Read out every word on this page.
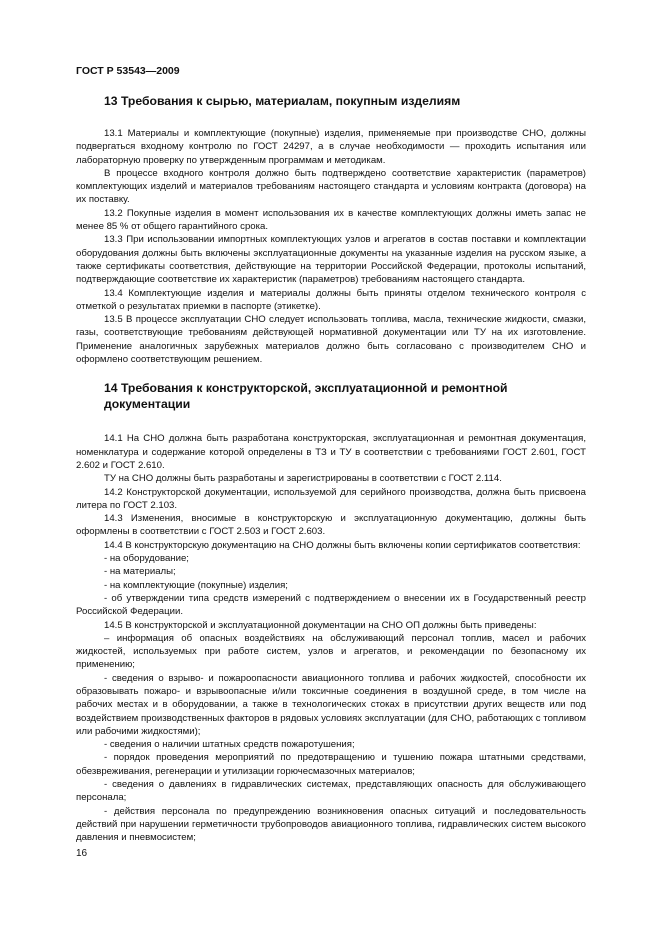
ГОСТ Р 53543—2009
13 Требования к сырью, материалам, покупным изделиям

13.1 Материалы и комплектующие (покупные) изделия, применяемые при производстве СНО, должны подвергаться входному контролю по ГОСТ 24297, а в случае необходимости — проходить испытания или лабораторную проверку по утвержденным программам и методикам.

В процессе входного контроля должно быть подтверждено соответствие характеристик (параметров) комплектующих изделий и материалов требованиям настоящего стандарта и условиям контракта (договора) на их поставку.

13.2 Покупные изделия в момент использования их в качестве комплектующих должны иметь запас не менее 85 % от общего гарантийного срока.

13.3 При использовании импортных комплектующих узлов и агрегатов в состав поставки и комплектации оборудования должны быть включены эксплуатационные документы на указанные изделия на русском языке, а также сертификаты соответствия, действующие на территории Российской Федерации, протоколы испытаний, подтверждающие соответствие их характеристик (параметров) требованиям настоящего стандарта.

13.4 Комплектующие изделия и материалы должны быть приняты отделом технического контроля с отметкой о результатах приемки в паспорте (этикетке).

13.5 В процессе эксплуатации СНО следует использовать топлива, масла, технические жидкости, смазки, газы, соответствующие требованиям действующей нормативной документации или ТУ на их изготовление. Применение аналогичных зарубежных материалов должно быть согласовано с производителем СНО и оформлено соответствующим решением.

14 Требования к конструкторской, эксплуатационной и ремонтной документации

14.1 На СНО должна быть разработана конструкторская, эксплуатационная и ремонтная документация, номенклатура и содержание которой определены в ТЗ и ТУ в соответствии с требованиями ГОСТ 2.601, ГОСТ 2.602 и ГОСТ 2.610.

ТУ на СНО должны быть разработаны и зарегистрированы в соответствии с ГОСТ 2.114.

14.2 Конструкторской документации, используемой для серийного производства, должна быть присвоена литера по ГОСТ 2.103.

14.3 Изменения, вносимые в конструкторскую и эксплуатационную документацию, должны быть оформлены в соответствии с ГОСТ 2.503 и ГОСТ 2.603.

14.4 В конструкторскую документацию на СНО должны быть включены копии сертификатов соответствия:

- на оборудование;

- на материалы;

- на комплектующие (покупные) изделия;

- об утверждении типа средств измерений с подтверждением о внесении их в Государственный реестр Российской Федерации.

14.5 В конструкторской и эксплуатационной документации на СНО ОП должны быть приведены:

– информация об опасных воздействиях на обслуживающий персонал топлив, масел и рабочих жидкостей, используемых при работе систем, узлов и агрегатов, и рекомендации по безопасному их применению;

- сведения о взрыво- и пожароопасности авиационного топлива и рабочих жидкостей, способности их образовывать пожаро- и взрывоопасные и/или токсичные соединения в воздушной среде, в том числе на рабочих местах и в оборудовании, а также в технологических стоках в присутствии других веществ или под воздействием производственных факторов в рядовых условиях эксплуатации (для СНО, работающих с топливом или рабочими жидкостями);

- сведения о наличии штатных средств пожаротушения;

- порядок проведения мероприятий по предотвращению и тушению пожара штатными средствами, обезвреживания, регенерации и утилизации горючесмазочных материалов;

- сведения о давлениях в гидравлических системах, представляющих опасность для обслуживающего персонала;

- действия персонала по предупреждению возникновения опасных ситуаций и последовательность действий при нарушении герметичности трубопроводов авиационного топлива, гидравлических систем высокого давления и пневмосистем;

16
